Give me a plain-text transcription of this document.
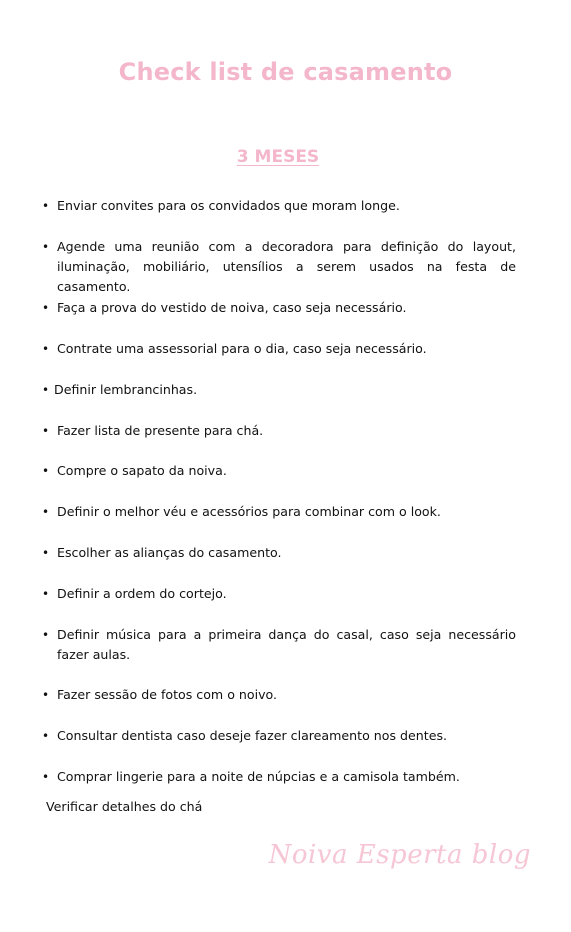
Check list de casamento
3 MESES
• Enviar convites para os convidados que moram longe.
• Agende uma reunião com a decoradora para definição do layout, iluminação, mobiliário, utensílios a serem usados na festa de casamento.
• Faça a prova do vestido de noiva, caso seja necessário.
• Contrate uma assessorial para o dia, caso seja necessário.
• Definir lembrancinhas.
• Fazer lista de presente para chá.
• Compre o sapato da noiva.
• Definir o melhor véu e acessórios para combinar com o look.
• Escolher as alianças do casamento.
• Definir a ordem do cortejo.
• Definir música para a primeira dança do casal, caso seja necessário fazer aulas.
• Fazer sessão de fotos com o noivo.
• Consultar dentista caso deseje fazer clareamento nos dentes.
• Comprar lingerie para a noite de núpcias e a camisola também.
Verificar detalhes do chá
Noiva Esperta blog
